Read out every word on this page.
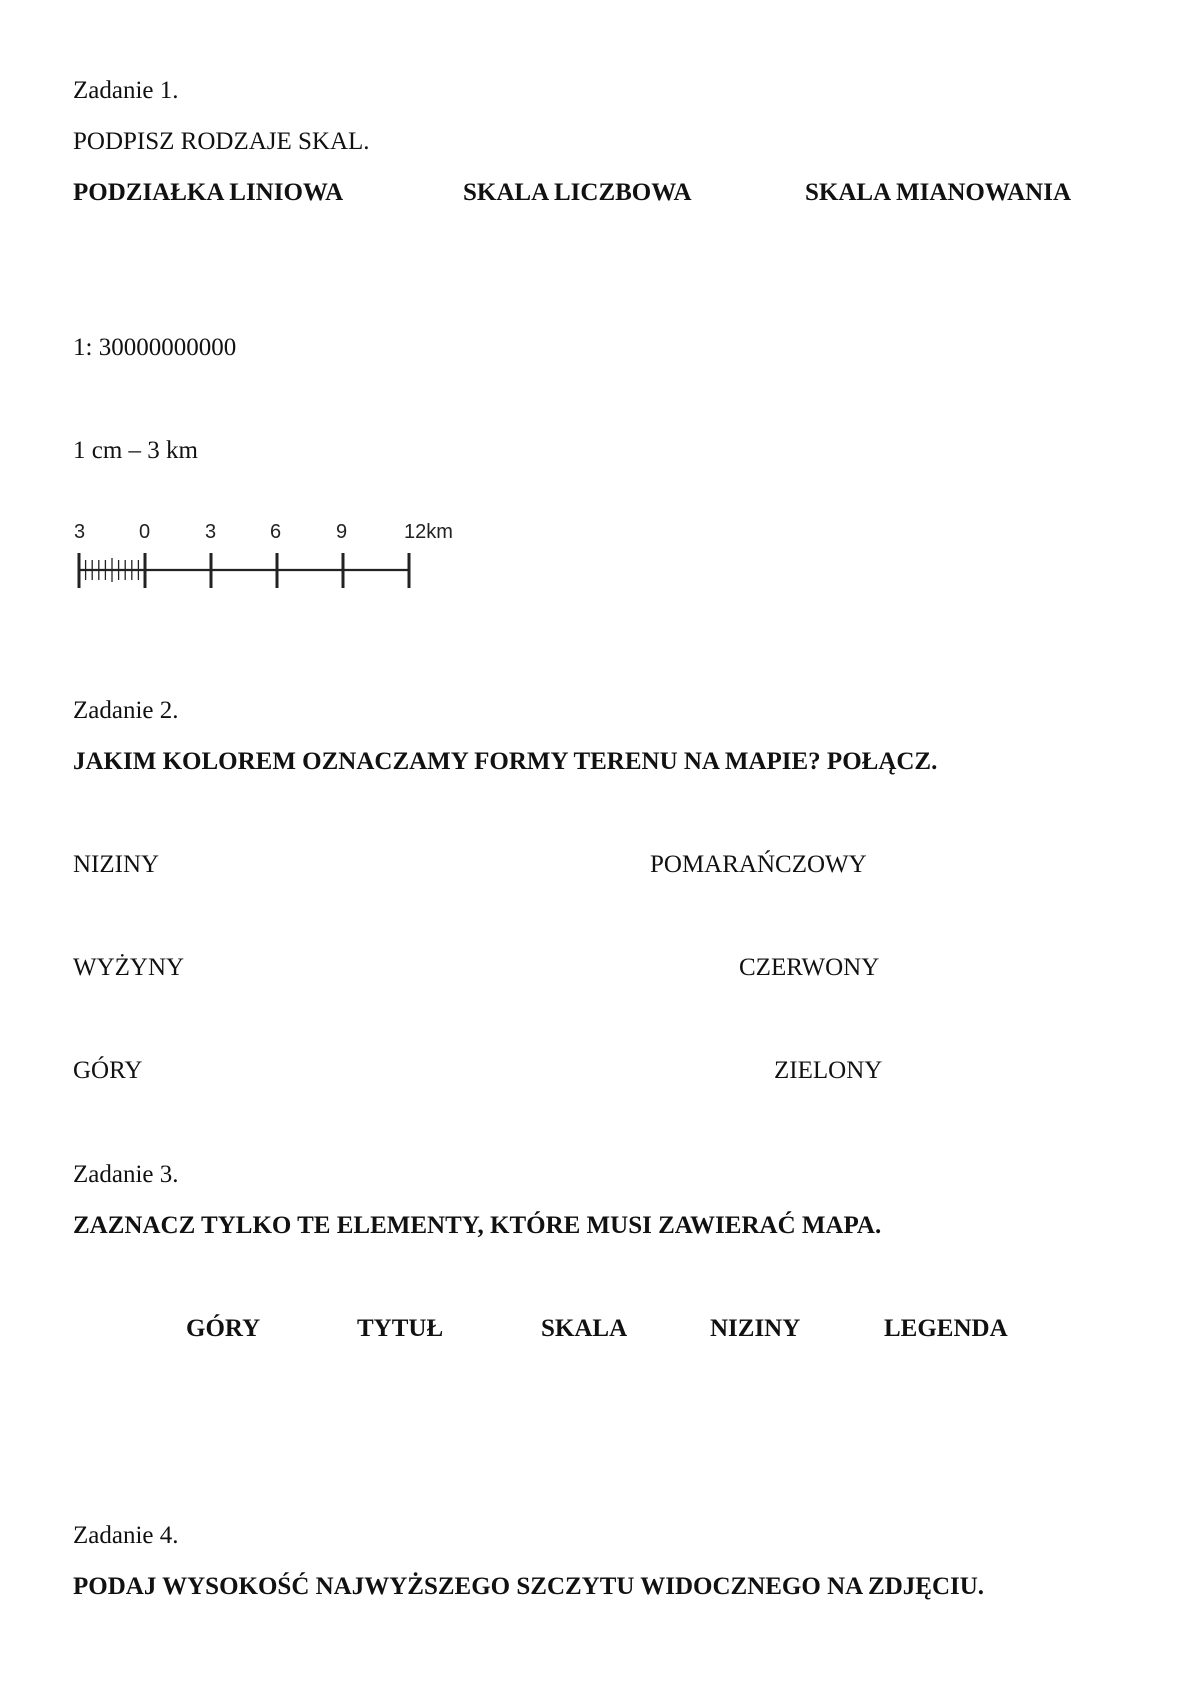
Zadanie 1.

PODPISZ RODZAJE SKAL.

PODZIAŁKA LINIOWA	SKALA LICZBOWA	SKALA MIANOWANIA

1: 30000000000

1 cm – 3 km

3	0	3	6	9	12km

Zadanie 2.

JAKIM KOLOREM OZNACZAMY FORMY TERENU NA MAPIE? POŁĄCZ.

NIZINY	POMARAŃCZOWY

WYŻYNY	CZERWONY

GÓRY	ZIELONY

Zadanie 3.

ZAZNACZ TYLKO TE ELEMENTY, KTÓRE MUSI ZAWIERAĆ MAPA.

GÓRY	TYTUŁ	SKALA	NIZINY	LEGENDA

Zadanie 4.

PODAJ WYSOKOŚĆ NAJWYŻSZEGO SZCZYTU WIDOCZNEGO NA ZDJĘCIU.
